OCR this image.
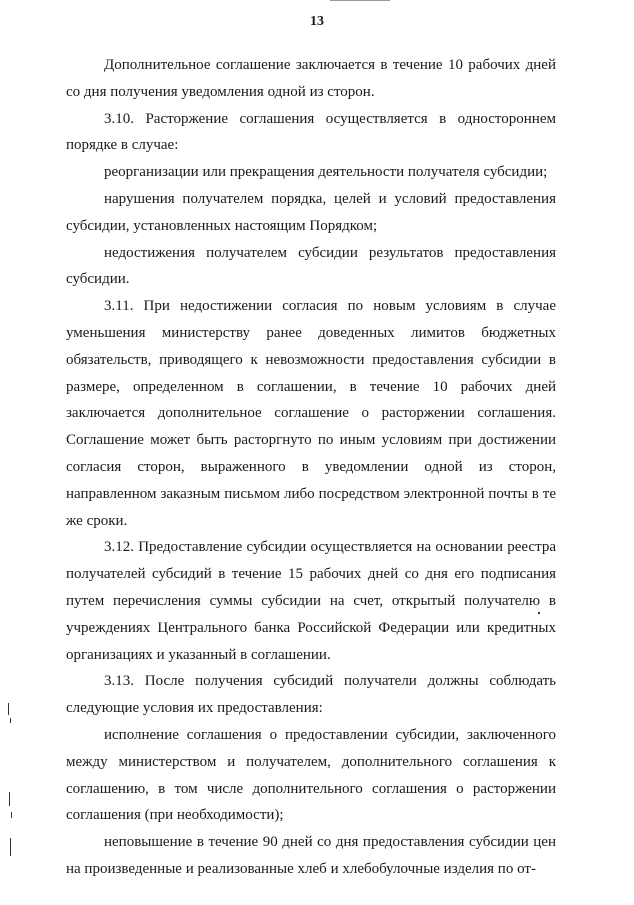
13

Дополнительное соглашение заключается в течение 10 рабочих дней со дня получения уведомления одной из сторон.

3.10. Расторжение соглашения осуществляется в одностороннем порядке в случае:

реорганизации или прекращения деятельности получателя субсидии;

нарушения получателем порядка, целей и условий предоставления субсидии, установленных настоящим Порядком;

недостижения получателем субсидии результатов предоставления субсидии.

3.11. При недостижении согласия по новым условиям в случае уменьшения министерству ранее доведенных лимитов бюджетных обязательств, приводящего к невозможности предоставления субсидии в размере, определенном в соглашении, в течение 10 рабочих дней заключается дополнительное соглашение о расторжении соглашения. Соглашение может быть расторгнуто по иным условиям при достижении согласия сторон, выраженного в уведомлении одной из сторон, направленном заказным письмом либо посредством электронной почты в те же сроки.

3.12. Предоставление субсидии осуществляется на основании реестра получателей субсидий в течение 15 рабочих дней со дня его подписания путем перечисления суммы субсидии на счет, открытый получателю в учреждениях Центрального банка Российской Федерации или кредитных организациях и указанный в соглашении.

3.13. После получения субсидий получатели должны соблюдать следующие условия их предоставления:

исполнение соглашения о предоставлении субсидии, заключенного между министерством и получателем, дополнительного соглашения к соглашению, в том числе дополнительного соглашения о расторжении соглашения (при необходимости);

неповышение в течение 90 дней со дня предоставления субсидии цен на произведенные и реализованные хлеб и хлебобулочные изделия по от-
